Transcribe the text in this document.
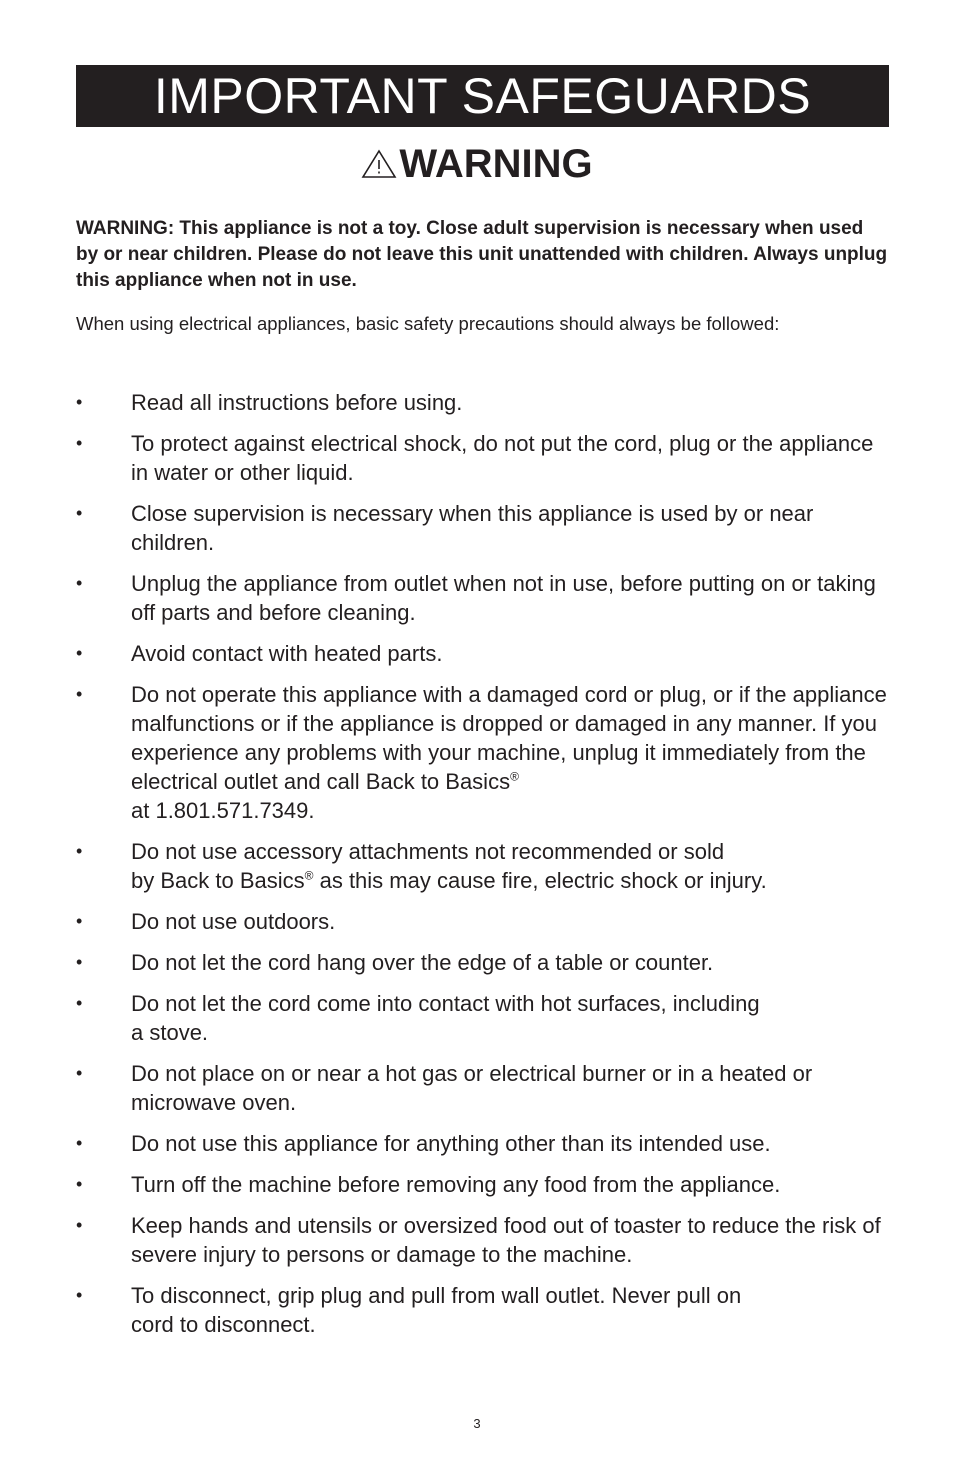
IMPORTANT SAFEGUARDS
WARNING
WARNING: This appliance is not a toy. Close adult supervision is necessary when used by or near children. Please do not leave this unit unattended with children. Always unplug this appliance when not in use.
When using electrical appliances, basic safety precautions should always be followed:
•	Read all instructions before using.
•	To protect against electrical shock, do not put the cord, plug or the appliance in water or other liquid.
•	Close supervision is necessary when this appliance is used by or near children.
•	Unplug the appliance from outlet when not in use, before putting on or taking off parts and before cleaning.
•	Avoid contact with heated parts.
•	Do not operate this appliance with a damaged cord or plug, or if the appliance malfunctions or if the appliance is dropped or damaged in any manner. If you experience any problems with your machine, unplug it immediately from the electrical outlet and call Back to Basics®
at 1.801.571.7349.
•	Do not use accessory attachments not recommended or sold
by Back to Basics® as this may cause fire, electric shock or injury.
•	Do not use outdoors.
•	Do not let the cord hang over the edge of a table or counter.
•	Do not let the cord come into contact with hot surfaces, including
a stove.
•	Do not place on or near a hot gas or electrical burner or in a heated or microwave oven.
•	Do not use this appliance for anything other than its intended use.
•	Turn off the machine before removing any food from the appliance.
•	Keep hands and utensils or oversized food out of toaster to reduce the risk of severe injury to persons or damage to the machine.
•	To disconnect, grip plug and pull from wall outlet. Never pull on
cord to disconnect.
3
